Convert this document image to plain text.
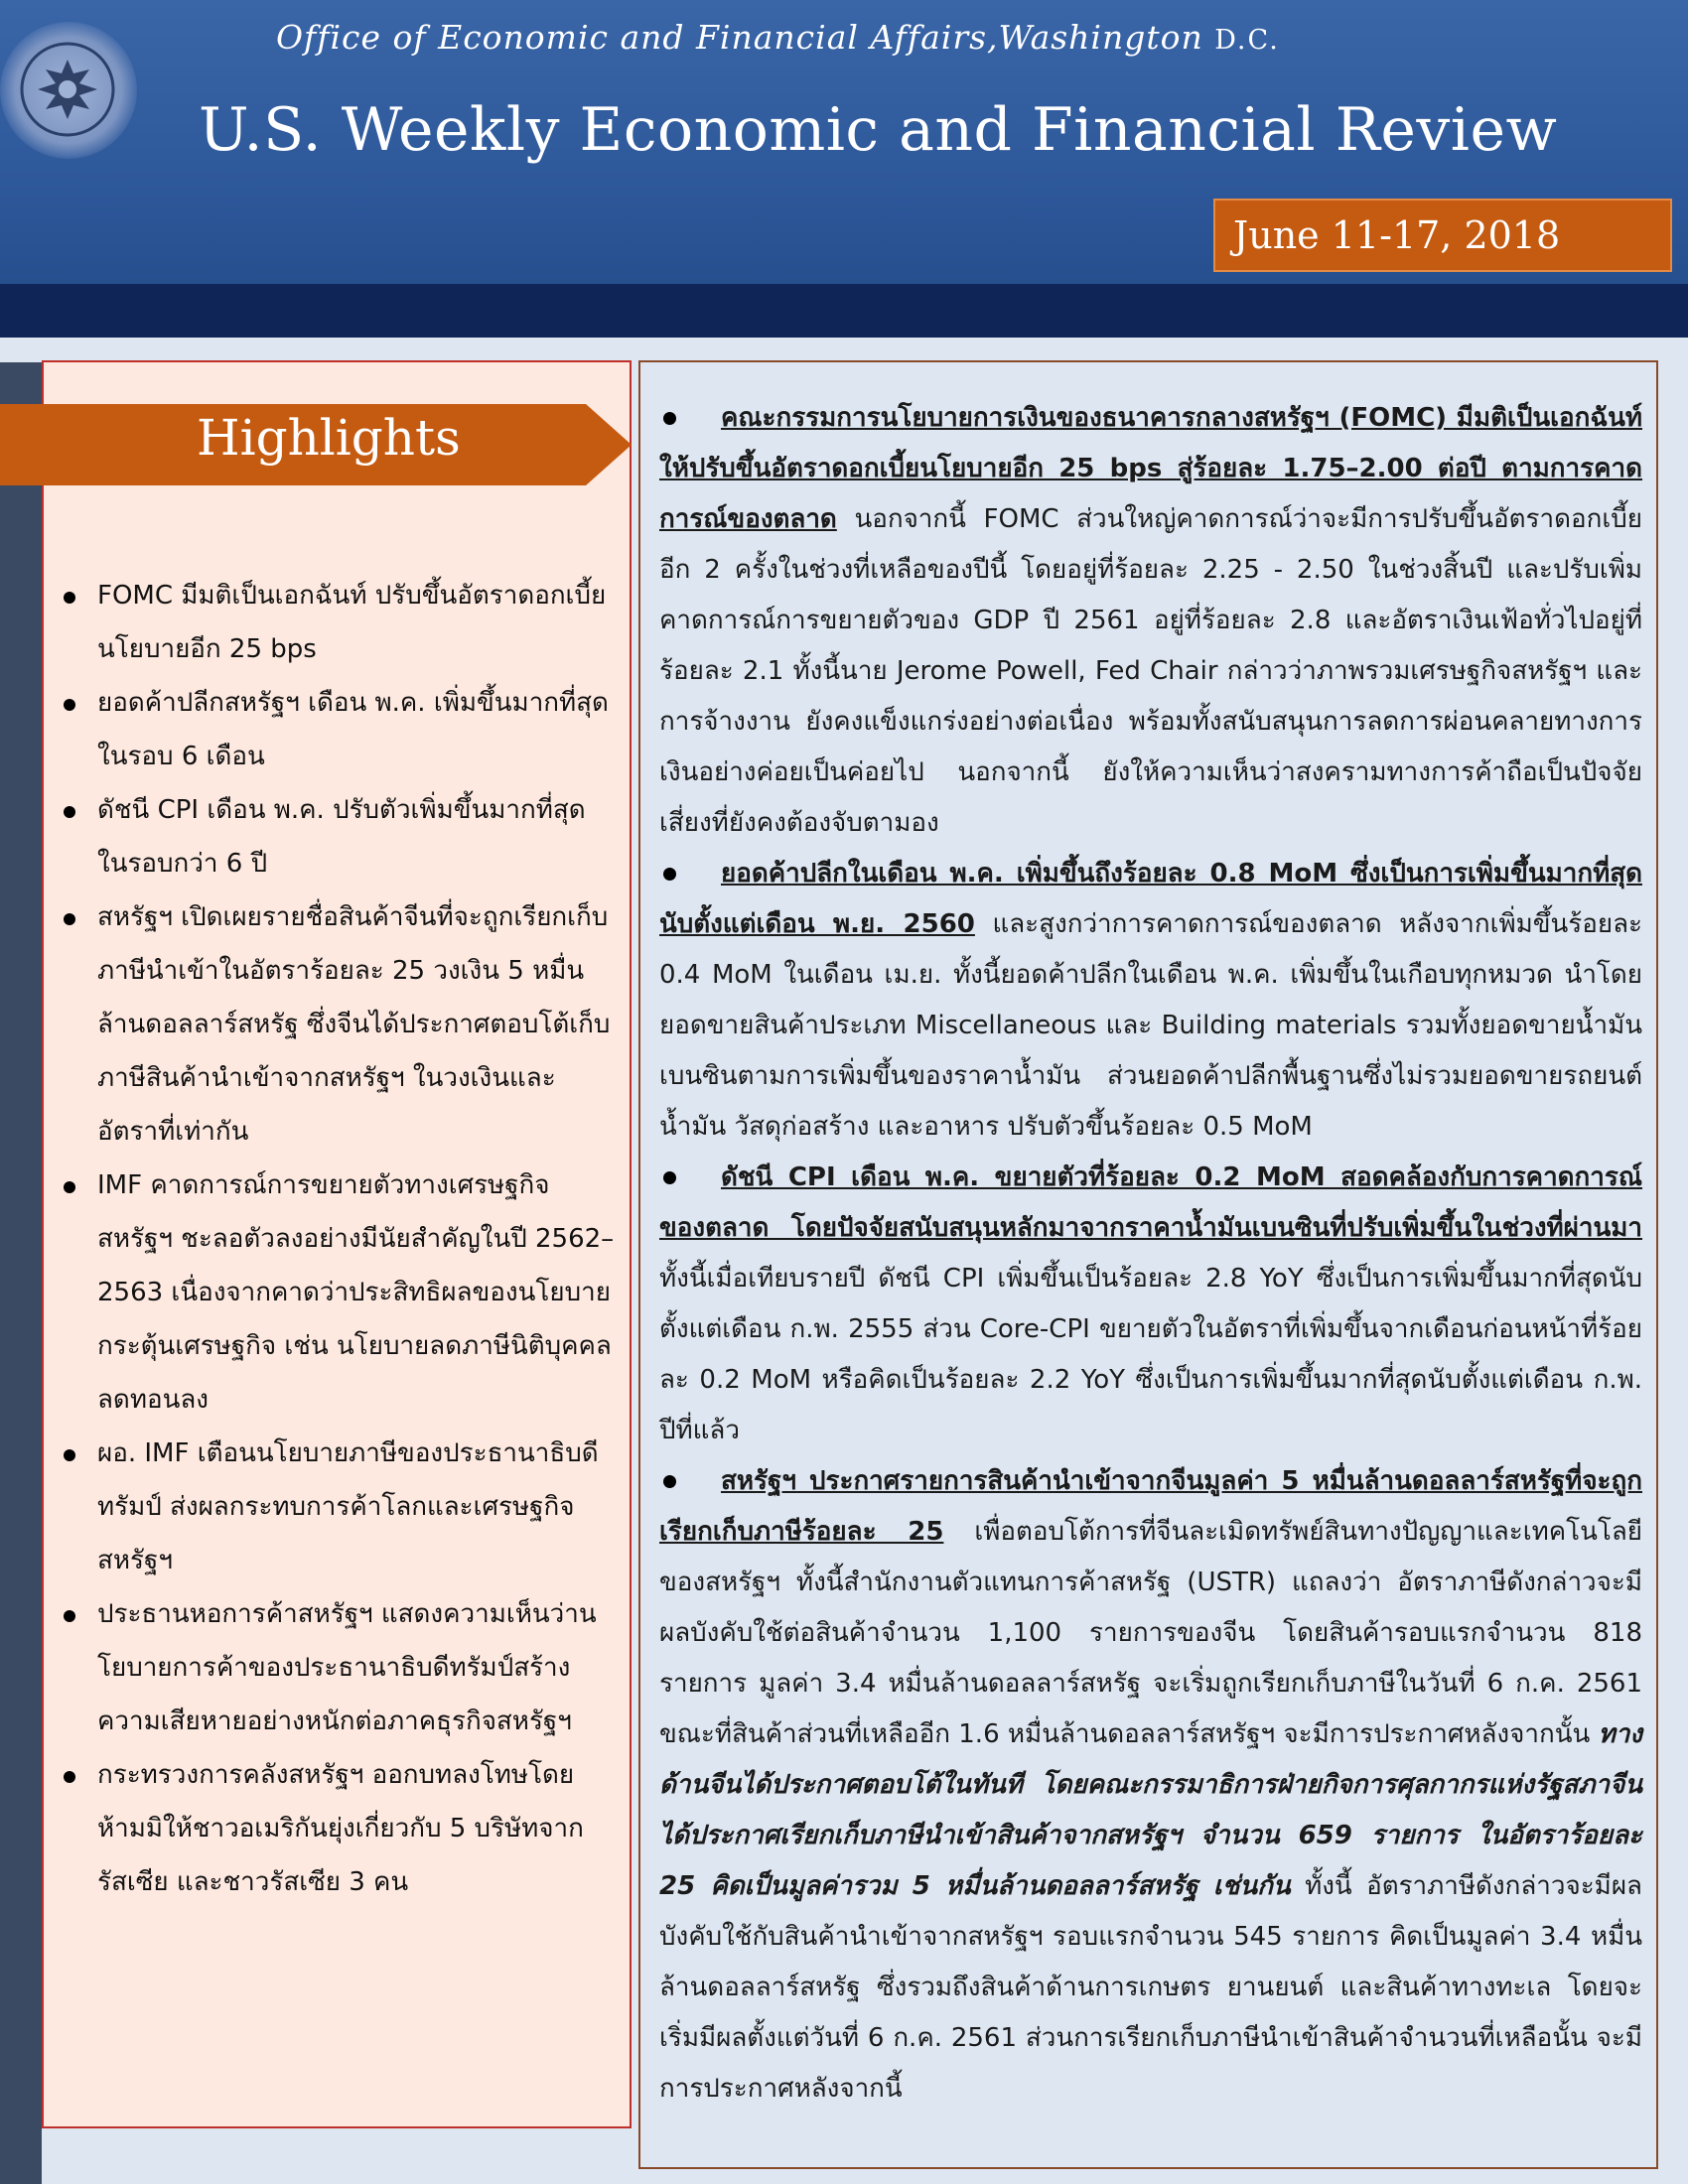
Office of Economic and Financial Affairs,Washington D.C.
U.S. Weekly Economic and Financial Review
June 11-17, 2018
Highlights
FOMC มีมติเป็นเอกฉันท์ ปรับขึ้นอัตราดอกเบี้ยนโยบายอีก 25 bps
ยอดค้าปลีกสหรัฐฯ เดือน พ.ค. เพิ่มขึ้นมากที่สุดในรอบ 6 เดือน
ดัชนี CPI เดือน พ.ค. ปรับตัวเพิ่มขึ้นมากที่สุดในรอบกว่า 6 ปี
สหรัฐฯ เปิดเผยรายชื่อสินค้าจีนที่จะถูกเรียกเก็บภาษีนำเข้าในอัตราร้อยละ 25 วงเงิน 5 หมื่นล้านดอลลาร์สหรัฐ ซึ่งจีนได้ประกาศตอบโต้เก็บภาษีสินค้านำเข้าจากสหรัฐฯ ในวงเงินและอัตราที่เท่ากัน
IMF คาดการณ์การขยายตัวทางเศรษฐกิจสหรัฐฯ ชะลอตัวลงอย่างมีนัยสำคัญในปี 2562–2563 เนื่องจากคาดว่าประสิทธิผลของนโยบายกระตุ้นเศรษฐกิจ เช่น นโยบายลดภาษีนิติบุคคล ลดทอนลง
ผอ. IMF เตือนนโยบายภาษีของประธานาธิบดีทรัมป์ ส่งผลกระทบการค้าโลกและเศรษฐกิจสหรัฐฯ
ประธานหอการค้าสหรัฐฯ แสดงความเห็นว่านโยบายการค้าของประธานาธิบดีทรัมป์สร้างความเสียหายอย่างหนักต่อภาคธุรกิจสหรัฐฯ
กระทรวงการคลังสหรัฐฯ ออกบทลงโทษโดยห้ามมิให้ชาวอเมริกันยุ่งเกี่ยวกับ 5 บริษัทจากรัสเซีย และชาวรัสเซีย 3 คน
คณะกรรมการนโยบายการเงินของธนาคารกลางสหรัฐฯ (FOMC) มีมติเป็นเอกฉันท์ให้ปรับขึ้นอัตราดอกเบี้ยนโยบายอีก 25 bps สู่ร้อยละ 1.75–2.00 ต่อปี ตามการคาดการณ์ของตลาด นอกจากนี้ FOMC ส่วนใหญ่คาดการณ์ว่าจะมีการปรับขึ้นอัตราดอกเบี้ยอีก 2 ครั้งในช่วงที่เหลือของปีนี้ โดยอยู่ที่ร้อยละ 2.25 - 2.50 ในช่วงสิ้นปี และปรับเพิ่มคาดการณ์การขยายตัวของ GDP ปี 2561 อยู่ที่ร้อยละ 2.8 และอัตราเงินเฟ้อทั่วไปอยู่ที่ร้อยละ 2.1 ทั้งนี้นาย Jerome Powell, Fed Chair กล่าวว่าภาพรวมเศรษฐกิจสหรัฐฯ และการจ้างงาน ยังคงแข็งแกร่งอย่างต่อเนื่อง พร้อมทั้งสนับสนุนการลดการผ่อนคลายทางการเงินอย่างค่อยเป็นค่อยไป นอกจากนี้ ยังให้ความเห็นว่าสงครามทางการค้าถือเป็นปัจจัยเสี่ยงที่ยังคงต้องจับตามอง
ยอดค้าปลีกในเดือน พ.ค. เพิ่มขึ้นถึงร้อยละ 0.8 MoM ซึ่งเป็นการเพิ่มขึ้นมากที่สุดนับตั้งแต่เดือน พ.ย. 2560 และสูงกว่าการคาดการณ์ของตลาด หลังจากเพิ่มขึ้นร้อยละ 0.4 MoM ในเดือน เม.ย. ทั้งนี้ยอดค้าปลีกในเดือน พ.ค. เพิ่มขึ้นในเกือบทุกหมวด นำโดยยอดขายสินค้าประเภท Miscellaneous และ Building materials รวมทั้งยอดขายน้ำมันเบนซินตามการเพิ่มขึ้นของราคาน้ำมัน ส่วนยอดค้าปลีกพื้นฐานซึ่งไม่รวมยอดขายรถยนต์ น้ำมัน วัสดุก่อสร้าง และอาหาร ปรับตัวขึ้นร้อยละ 0.5 MoM
ดัชนี CPI เดือน พ.ค. ขยายตัวที่ร้อยละ 0.2 MoM สอดคล้องกับการคาดการณ์ของตลาด โดยปัจจัยสนับสนุนหลักมาจากราคาน้ำมันเบนซินที่ปรับเพิ่มขึ้นในช่วงที่ผ่านมา ทั้งนี้เมื่อเทียบรายปี ดัชนี CPI เพิ่มขึ้นเป็นร้อยละ 2.8 YoY ซึ่งเป็นการเพิ่มขึ้นมากที่สุดนับตั้งแต่เดือน ก.พ. 2555 ส่วน Core-CPI ขยายตัวในอัตราที่เพิ่มขึ้นจากเดือนก่อนหน้าที่ร้อยละ 0.2 MoM หรือคิดเป็นร้อยละ 2.2 YoY ซึ่งเป็นการเพิ่มขึ้นมากที่สุดนับตั้งแต่เดือน ก.พ. ปีที่แล้ว
สหรัฐฯ ประกาศรายการสินค้านำเข้าจากจีนมูลค่า 5 หมื่นล้านดอลลาร์สหรัฐที่จะถูกเรียกเก็บภาษีร้อยละ 25 เพื่อตอบโต้การที่จีนละเมิดทรัพย์สินทางปัญญาและเทคโนโลยีของสหรัฐฯ ทั้งนี้สำนักงานตัวแทนการค้าสหรัฐ (USTR) แถลงว่า อัตราภาษีดังกล่าวจะมีผลบังคับใช้ต่อสินค้าจำนวน 1,100 รายการของจีน โดยสินค้ารอบแรกจำนวน 818 รายการ มูลค่า 3.4 หมื่นล้านดอลลาร์สหรัฐ จะเริ่มถูกเรียกเก็บภาษีในวันที่ 6 ก.ค. 2561 ขณะที่สินค้าส่วนที่เหลืออีก 1.6 หมื่นล้านดอลลาร์สหรัฐฯ จะมีการประกาศหลังจากนั้น ทางด้านจีนได้ประกาศตอบโต้ในทันที โดยคณะกรรมาธิการฝ่ายกิจการศุลกากรแห่งรัฐสภาจีน ได้ประกาศเรียกเก็บภาษีนำเข้าสินค้าจากสหรัฐฯ จำนวน 659 รายการ ในอัตราร้อยละ 25 คิดเป็นมูลค่ารวม 5 หมื่นล้านดอลลาร์สหรัฐ เช่นกัน ทั้งนี้ อัตราภาษีดังกล่าวจะมีผลบังคับใช้กับสินค้านำเข้าจากสหรัฐฯ รอบแรกจำนวน 545 รายการ คิดเป็นมูลค่า 3.4 หมื่นล้านดอลลาร์สหรัฐ ซึ่งรวมถึงสินค้าด้านการเกษตร ยานยนต์ และสินค้าทางทะเล โดยจะเริ่มมีผลตั้งแต่วันที่ 6 ก.ค. 2561 ส่วนการเรียกเก็บภาษีนำเข้าสินค้าจำนวนที่เหลือนั้น จะมีการประกาศหลังจากนี้
